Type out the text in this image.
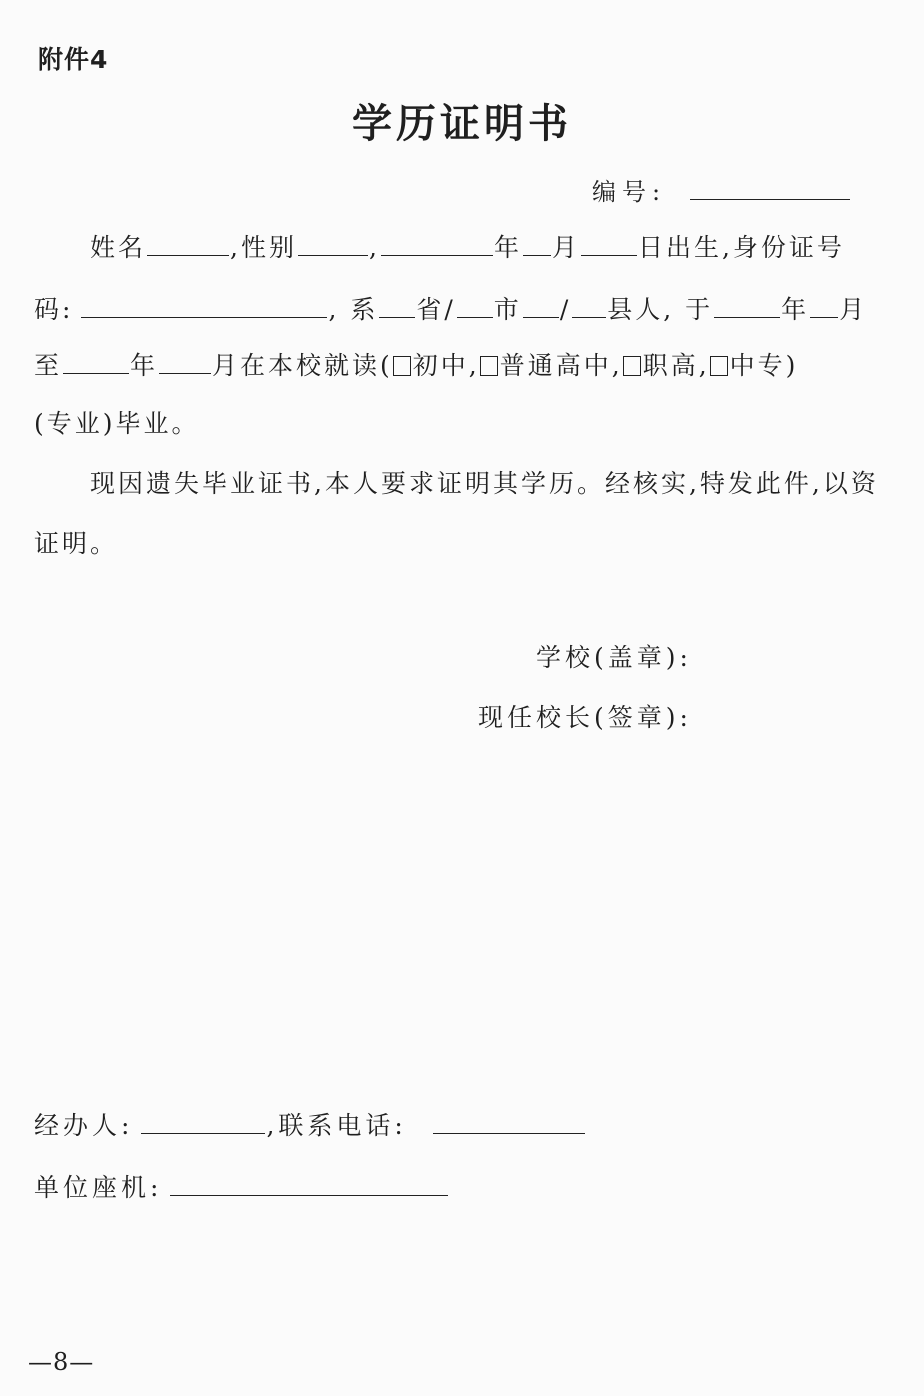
附件4
学历证明书
编号:
姓名	,性别	,	年 月 日出生,身份证号
码:	, 系 省/ 市 / 县人, 于	年 月
至	年 月在本校就读( 初中, 普通高中, 职高, 中专)
(专业)毕业。
现因遗失毕业证书,本人要求证明其学历。经核实,特发此件,以资
证明。
学校(盖章):
现任校长(签章):
经办人:	,联系电话:
单位座机:
—8—
